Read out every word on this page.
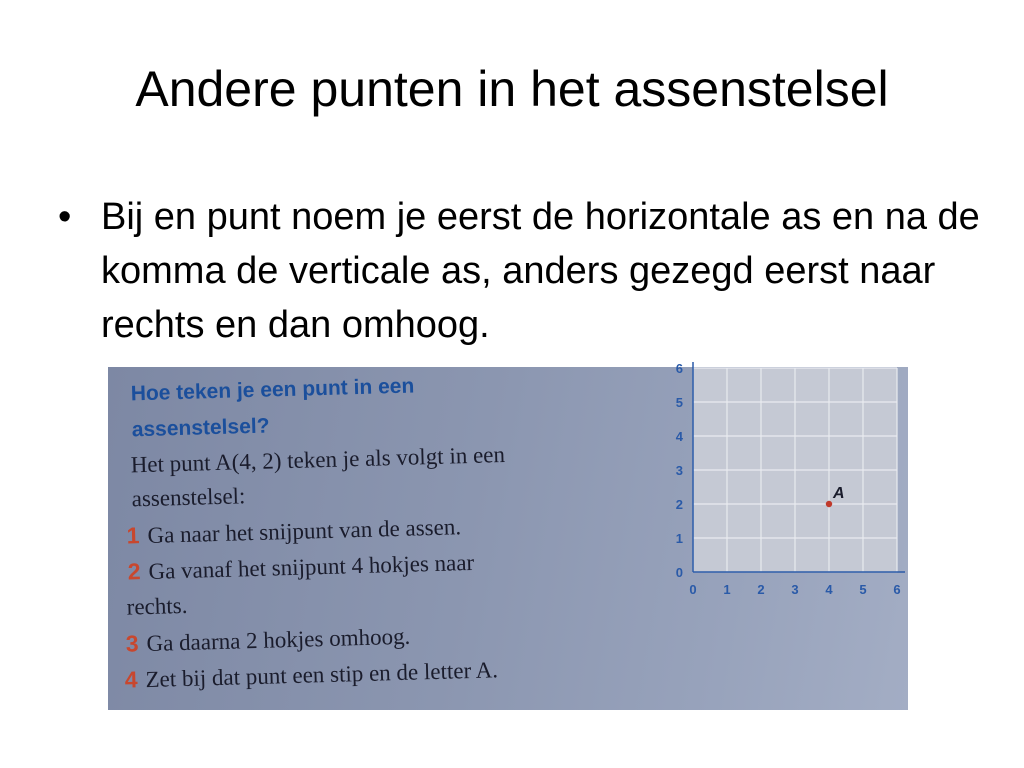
Andere punten in het assenstelsel
• Bij en punt noem je eerst de horizontale as en na de komma de verticale as, anders gezegd eerst naar rechts en dan omhoog.
Hoe teken je een punt in een
assenstelsel?
Het punt A(4, 2) teken je als volgt in een
assenstelsel:
1 Ga naar het snijpunt van de assen.
2 Ga vanaf het snijpunt 4 hokjes naar
rechts.
3 Ga daarna 2 hokjes omhoog.
4 Zet bij dat punt een stip en de letter A.
0 1 2 3 4 5 6
0
1
2
3
4
5
6
A
